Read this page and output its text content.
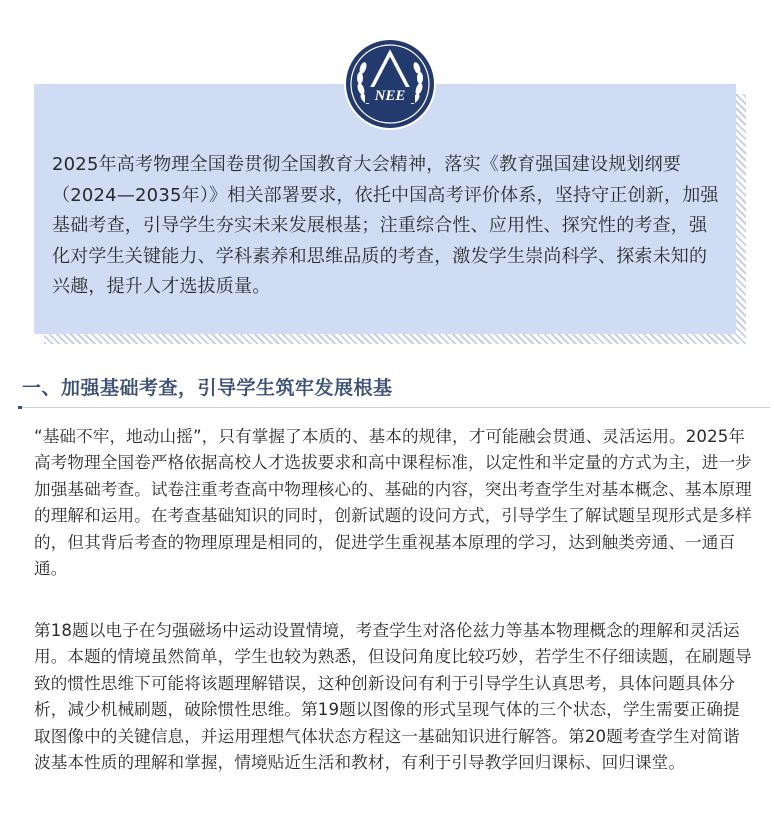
2025年高考物理全国卷贯彻全国教育大会精神，落实《教育强国建设规划纲要（2024—2035年）》相关部署要求，依托中国高考评价体系，坚持守正创新，加强基础考查，引导学生夯实未来发展根基；注重综合性、应用性、探究性的考查，强化对学生关键能力、学科素养和思维品质的考查，激发学生崇尚科学、探索未知的兴趣，提升人才选拔质量。
NEE
一、加强基础考查，引导学生筑牢发展根基
“基础不牢，地动山摇”，只有掌握了本质的、基本的规律，才可能融会贯通、灵活运用。2025年高考物理全国卷严格依据高校人才选拔要求和高中课程标准，以定性和半定量的方式为主，进一步加强基础考查。试卷注重考查高中物理核心的、基础的内容，突出考查学生对基本概念、基本原理的理解和运用。在考查基础知识的同时，创新试题的设问方式，引导学生了解试题呈现形式是多样的，但其背后考查的物理原理是相同的，促进学生重视基本原理的学习，达到触类旁通、一通百通。
第18题以电子在匀强磁场中运动设置情境，考查学生对洛伦兹力等基本物理概念的理解和灵活运用。本题的情境虽然简单，学生也较为熟悉，但设问角度比较巧妙，若学生不仔细读题，在刷题导致的惯性思维下可能将该题理解错误，这种创新设问有利于引导学生认真思考，具体问题具体分析，减少机械刷题，破除惯性思维。第19题以图像的形式呈现气体的三个状态，学生需要正确提取图像中的关键信息，并运用理想气体状态方程这一基础知识进行解答。第20题考查学生对简谐波基本性质的理解和掌握，情境贴近生活和教材，有利于引导教学回归课标、回归课堂。
